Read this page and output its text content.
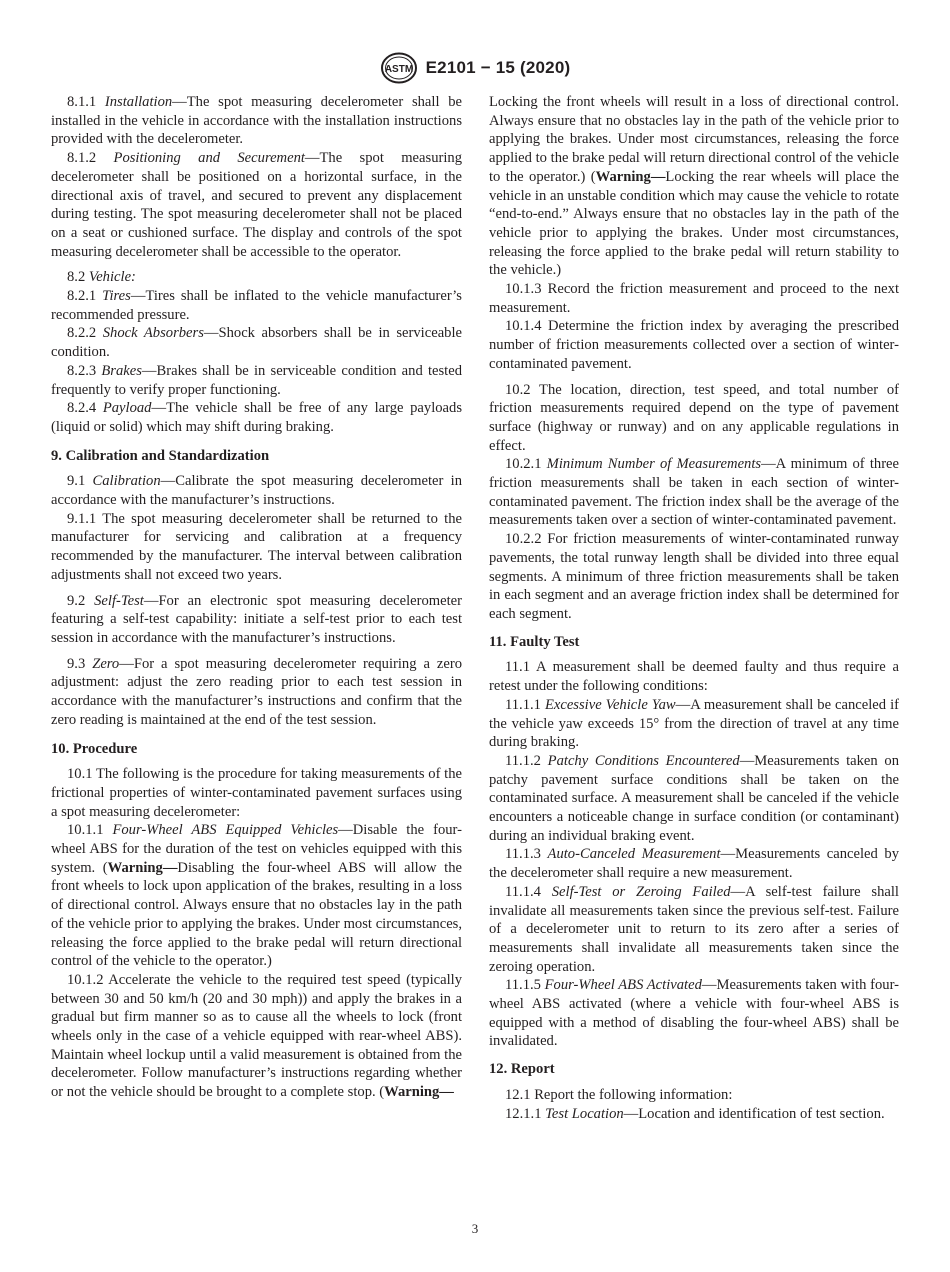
ASTM E2101 − 15 (2020)

8.1.1 Installation—The spot measuring decelerometer shall be installed in the vehicle in accordance with the installation instructions provided with the decelerometer.

8.1.2 Positioning and Securement—The spot measuring decelerometer shall be positioned on a horizontal surface, in the directional axis of travel, and secured to prevent any displacement during testing. The spot measuring decelerometer shall not be placed on a seat or cushioned surface. The display and controls of the spot measuring decelerometer shall be accessible to the operator.

8.2 Vehicle:

8.2.1 Tires—Tires shall be inflated to the vehicle manufacturer’s recommended pressure.

8.2.2 Shock Absorbers—Shock absorbers shall be in serviceable condition.

8.2.3 Brakes—Brakes shall be in serviceable condition and tested frequently to verify proper functioning.

8.2.4 Payload—The vehicle shall be free of any large payloads (liquid or solid) which may shift during braking.

9. Calibration and Standardization

9.1 Calibration—Calibrate the spot measuring decelerometer in accordance with the manufacturer’s instructions.

9.1.1 The spot measuring decelerometer shall be returned to the manufacturer for servicing and calibration at a frequency recommended by the manufacturer. The interval between calibration adjustments shall not exceed two years.

9.2 Self-Test—For an electronic spot measuring decelerometer featuring a self-test capability: initiate a self-test prior to each test session in accordance with the manufacturer’s instructions.

9.3 Zero—For a spot measuring decelerometer requiring a zero adjustment: adjust the zero reading prior to each test session in accordance with the manufacturer’s instructions and confirm that the zero reading is maintained at the end of the test session.

10. Procedure

10.1 The following is the procedure for taking measurements of the frictional properties of winter-contaminated pavement surfaces using a spot measuring decelerometer:

10.1.1 Four-Wheel ABS Equipped Vehicles—Disable the four-wheel ABS for the duration of the test on vehicles equipped with this system. (Warning—Disabling the four-wheel ABS will allow the front wheels to lock upon application of the brakes, resulting in a loss of directional control. Always ensure that no obstacles lay in the path of the vehicle prior to applying the brakes. Under most circumstances, releasing the force applied to the brake pedal will return directional control of the vehicle to the operator.)

10.1.2 Accelerate the vehicle to the required test speed (typically between 30 and 50 km/h (20 and 30 mph)) and apply the brakes in a gradual but firm manner so as to cause all the wheels to lock (front wheels only in the case of a vehicle equipped with rear-wheel ABS). Maintain wheel lockup until a valid measurement is obtained from the decelerometer. Follow manufacturer’s instructions regarding whether or not the vehicle should be brought to a complete stop. (Warning—

Locking the front wheels will result in a loss of directional control. Always ensure that no obstacles lay in the path of the vehicle prior to applying the brakes. Under most circumstances, releasing the force applied to the brake pedal will return directional control of the vehicle to the operator.) (Warning—Locking the rear wheels will place the vehicle in an unstable condition which may cause the vehicle to rotate “end-to-end.” Always ensure that no obstacles lay in the path of the vehicle prior to applying the brakes. Under most circumstances, releasing the force applied to the brake pedal will return stability to the vehicle.)

10.1.3 Record the friction measurement and proceed to the next measurement.

10.1.4 Determine the friction index by averaging the prescribed number of friction measurements collected over a section of winter-contaminated pavement.

10.2 The location, direction, test speed, and total number of friction measurements required depend on the type of pavement surface (highway or runway) and on any applicable regulations in effect.

10.2.1 Minimum Number of Measurements—A minimum of three friction measurements shall be taken in each section of winter-contaminated pavement. The friction index shall be the average of the measurements taken over a section of winter-contaminated pavement.

10.2.2 For friction measurements of winter-contaminated runway pavements, the total runway length shall be divided into three equal segments. A minimum of three friction measurements shall be taken in each segment and an average friction index shall be determined for each segment.

11. Faulty Test

11.1 A measurement shall be deemed faulty and thus require a retest under the following conditions:

11.1.1 Excessive Vehicle Yaw—A measurement shall be canceled if the vehicle yaw exceeds 15° from the direction of travel at any time during braking.

11.1.2 Patchy Conditions Encountered—Measurements taken on patchy pavement surface conditions shall be taken on the contaminated surface. A measurement shall be canceled if the vehicle encounters a noticeable change in surface condition (or contaminant) during an individual braking event.

11.1.3 Auto-Canceled Measurement—Measurements canceled by the decelerometer shall require a new measurement.

11.1.4 Self-Test or Zeroing Failed—A self-test failure shall invalidate all measurements taken since the previous self-test. Failure of a decelerometer unit to return to its zero after a series of measurements shall invalidate all measurements taken since the zeroing operation.

11.1.5 Four-Wheel ABS Activated—Measurements taken with four-wheel ABS activated (where a vehicle with four-wheel ABS is equipped with a method of disabling the four-wheel ABS) shall be invalidated.

12. Report

12.1 Report the following information:

12.1.1 Test Location—Location and identification of test section.

3
